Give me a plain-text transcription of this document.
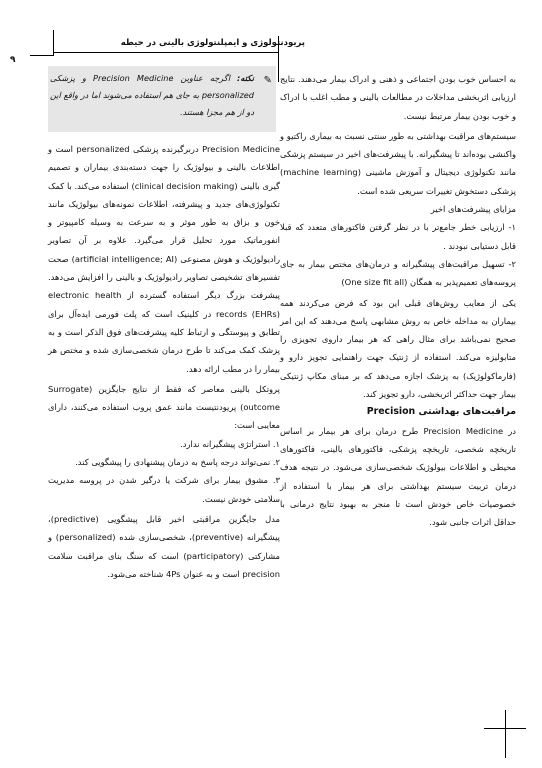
پریودنتولوژی و ایمپلنتولوژی بالینی در حیطه
۹
✎
نکته: اگرچه عناوین Precision Medicine و پزشکی personalized به جای هم استفاده می‌شوند اما در واقع این دو از هم مجزا هستند.

به احساس خوب بودن اجتماعی و ذهنی و ادراک بیمار می‌دهند. نتایج ارزیابی اثربخشی مداخلات در مطالعات بالینی و مطب اغلب با ادراک و خوب بودن بیمار مرتبط نیست.

سیستم‌های مراقبت بهداشتی به طور سنتی نسبت به بیماری راکتیو و واکنشی بوده‌اند تا پیشگیرانه. با پیشرفت‌های اخیر در سیستم پزشکی مانند تکنولوژی دیجیتال و آموزش ماشینی (machine learning) پزشکی دستخوش تغییرات سریعی شده است.

مزایای پیشرفت‌های اخیر

۱- ارزیابی خطر جامع‌تر با در نظر گرفتن فاکتورهای متعدد که قبلا قابل دستیابی نبودند .

۲- تسهیل مراقبت‌های پیشگیرانه و درمان‌های مختص بیمار به جای پروسه‌های تعمیم‌پذیر به همگان (One size fit all)

یکی از معایب روش‌های قبلی این بود که فرض می‌کردند همه بیماران به مداخله خاص به روش مشابهی پاسخ می‌دهند که این امر صحیح نمی‌باشد برای مثال راهی که هر بیمار داروی تجویزی را متابولیزه می‌کند. استفاده از ژنتیک جهت راهنمایی تجویز دارو و (فارماکولوژیک) به پزشک اجازه می‌دهد که بر مبنای مکاپ ژنتیکی بیمار جهت حداکثر اثربخشی، دارو تجویز کند.

مراقبت‌های بهداشتی Precision

در Precision Medicine طرح درمان برای هر بیمار بر اساس تاریخچه شخصی، تاریخچه پزشکی، فاکتورهای بالینی، فاکتورهای محیطی و اطلاعات بیولوژیک شخصی‌سازی می‌شود. در نتیجه هدف درمان تربیت سیستم بهداشتی برای هر بیمار با استفاده از خصوصیات خاص خودش است تا منجر به بهبود نتایج درمانی با حداقل اثرات جانبی شود.

Precision Medicine دربرگیرنده پزشکی personalized است و اطلاعات بالینی و بیولوژیک را جهت دسته‌بندی بیماران و تصمیم گیری بالینی (clinical decision making) استفاده می‌کند. با کمک تکنولوژی‌های جدید و پیشرفته، اطلاعات نمونه‌های بیولوژیک مانند خون و بزاق به طور موثر و به سرعت به وسیله کامپیوتر و انفورماتیک مورد تحلیل قرار می‌گیرد. علاوه بر آن تصاویر رادیولوژیک و هوش مصنوعی (artificial intelligence; AI) صحت تفسیرهای تشخیصی تصاویر رادیولوژیک و بالینی را افزایش می‌دهد. پیشرفت بزرگ دیگر استفاده گسترده از electronic health records (EHRs) در کلینیک است که پلت فورمی ایده‌آل برای تطابق و پیوستگی و ارتباط کلیه پیشرفت‌های فوق الذکر است و به پزشک کمک می‌کند تا طرح درمان شخصی‌سازی شده و مختص هر بیمار را در مطب ارائه دهد.

پروتکل بالینی معاصر که فقط از نتایج جایگزین (Surrogate outcome) پریودنتیست مانند عمق پروب استفاده می‌کنند، دارای معایبی است:

۱. استراتژی پیشگیرانه ندارد.

۲. نمی‌تواند درجه پاسخ به درمان پیشنهادی را پیشگویی کند.

۳. مشوق بیمار برای شرکت یا درگیر شدن در پروسه مدیریت سلامتی خودش نیست.

مدل جایگزین مراقبتی اخیر قابل پیشگویی (predictive)، پیشگیرانه (preventive)، شخصی‌سازی شده (personalized) و مشارکتی (participatory) است که سنگ بنای مراقبت سلامت precision است و به عنوان 4Ps شناخته می‌شود.
